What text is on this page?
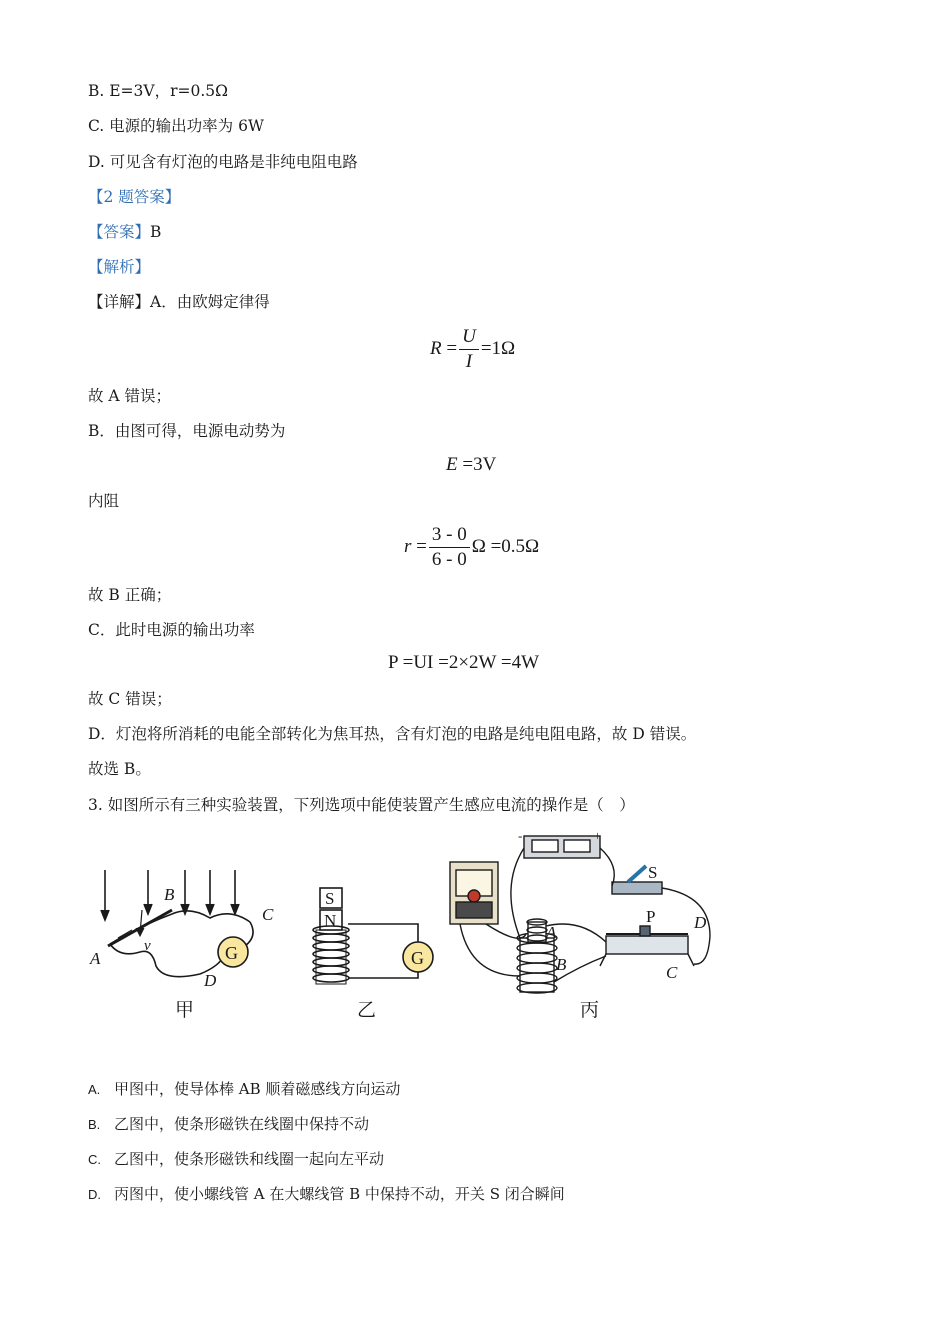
B. E=3V，r=0.5Ω
C. 电源的输出功率为 6W
D. 可见含有灯泡的电路是非纯电阻电路
【2 题答案】
【答案】B
【解析】
【详解】A．由欧姆定律得
$R = \frac{U}{I} =1\Omega$
故 A 错误；
B．由图可得，电源电动势为
E =3V
内阻
$r = \frac{3 - 0}{6 - 0}$ Ω =0.5Ω
故 B 正确；
C．此时电源的输出功率
P =UI =2×2W =4W
故 C 错误；
D．灯泡将所消耗的电能全部转化为焦耳热，含有灯泡的电路是纯电阻电路，故 D 错误。
故选 B。
3. 如图所示有三种实验装置，下列选项中能使装置产生感应电流的操作是（　）
A
B
C
D
v	G
甲
S
N
G
乙
A
B	C
D
P
S
-	+
丙
A. 甲图中，使导体棒 AB 顺着磁感线方向运动
B. 乙图中，使条形磁铁在线圈中保持不动
C. 乙图中，使条形磁铁和线圈一起向左平动
D. 丙图中，使小螺线管 A 在大螺线管 B 中保持不动，开关 S 闭合瞬间
